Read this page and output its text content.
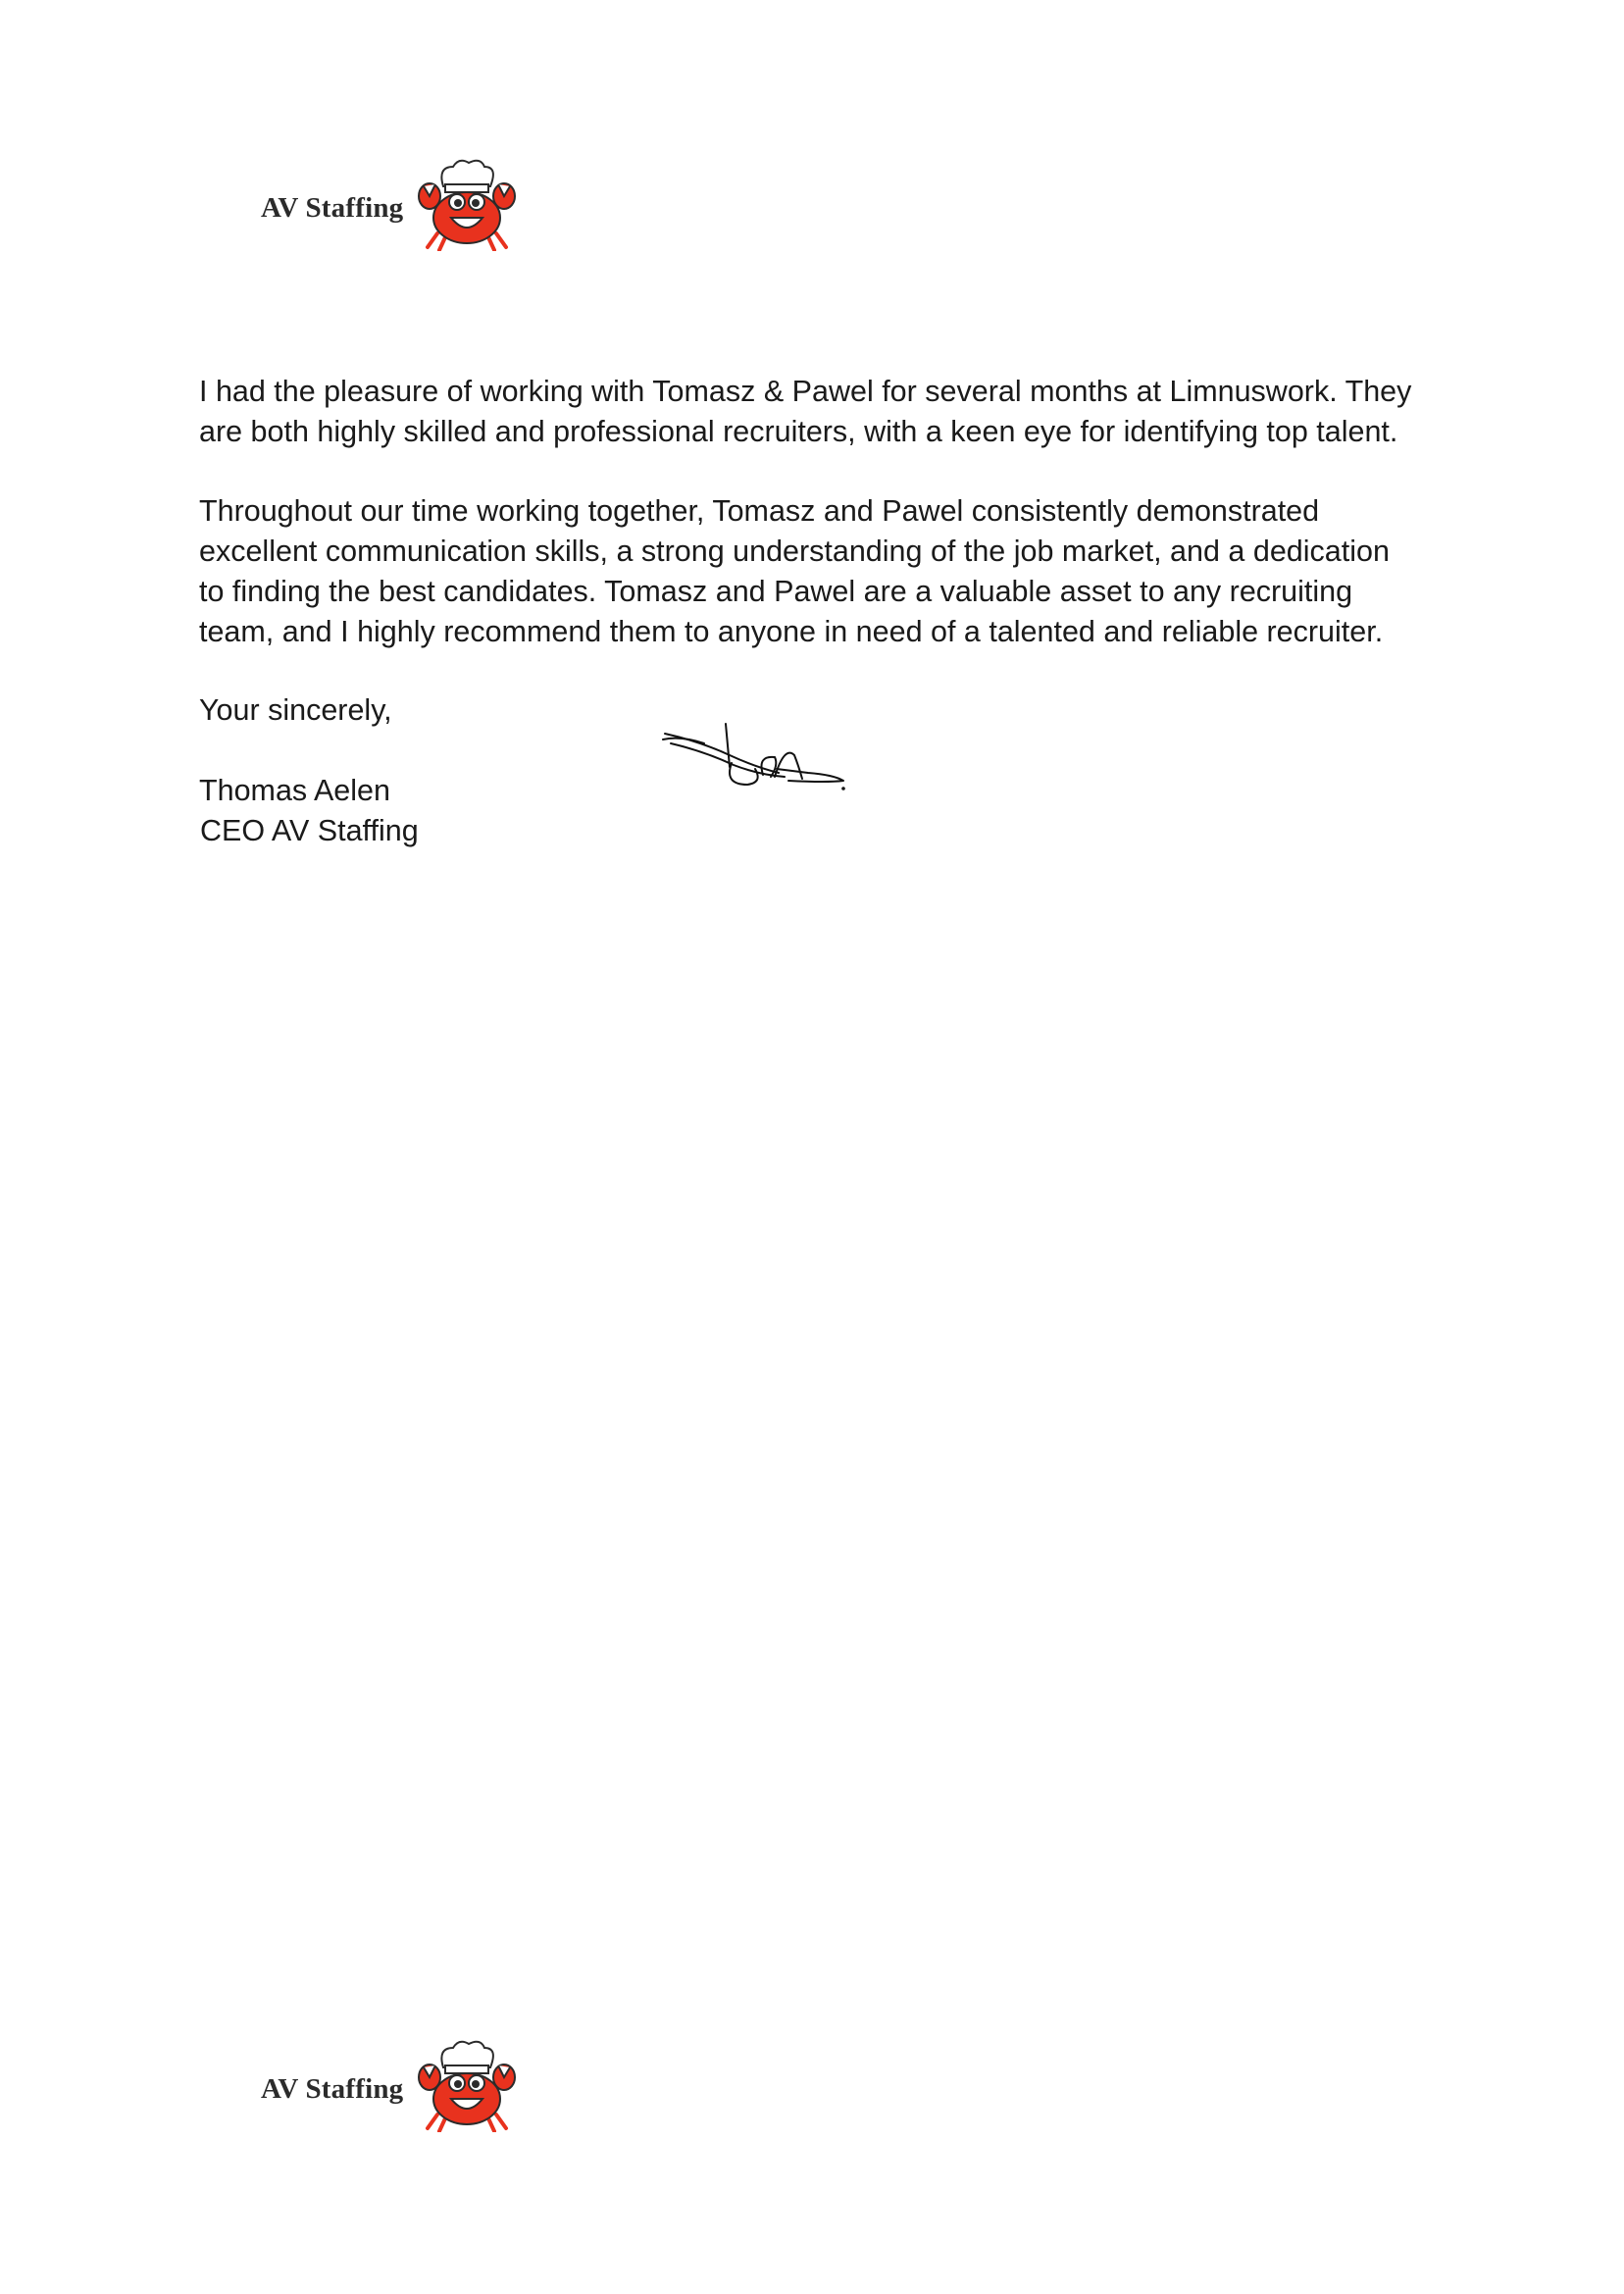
AV Staffing

I had the pleasure of working with Tomasz & Pawel for several months at Limnuswork. They
are both highly skilled and professional recruiters, with a keen eye for identifying top talent.

Throughout our time working together, Tomasz and Pawel consistently demonstrated
excellent communication skills, a strong understanding of the job market, and a dedication
to finding the best candidates. Tomasz and Pawel are a valuable asset to any recruiting
team, and I highly recommend them to anyone in need of a talented and reliable recruiter.

Your sincerely,
Thomas Aelen
CEO AV Staffing
AV Staffing
